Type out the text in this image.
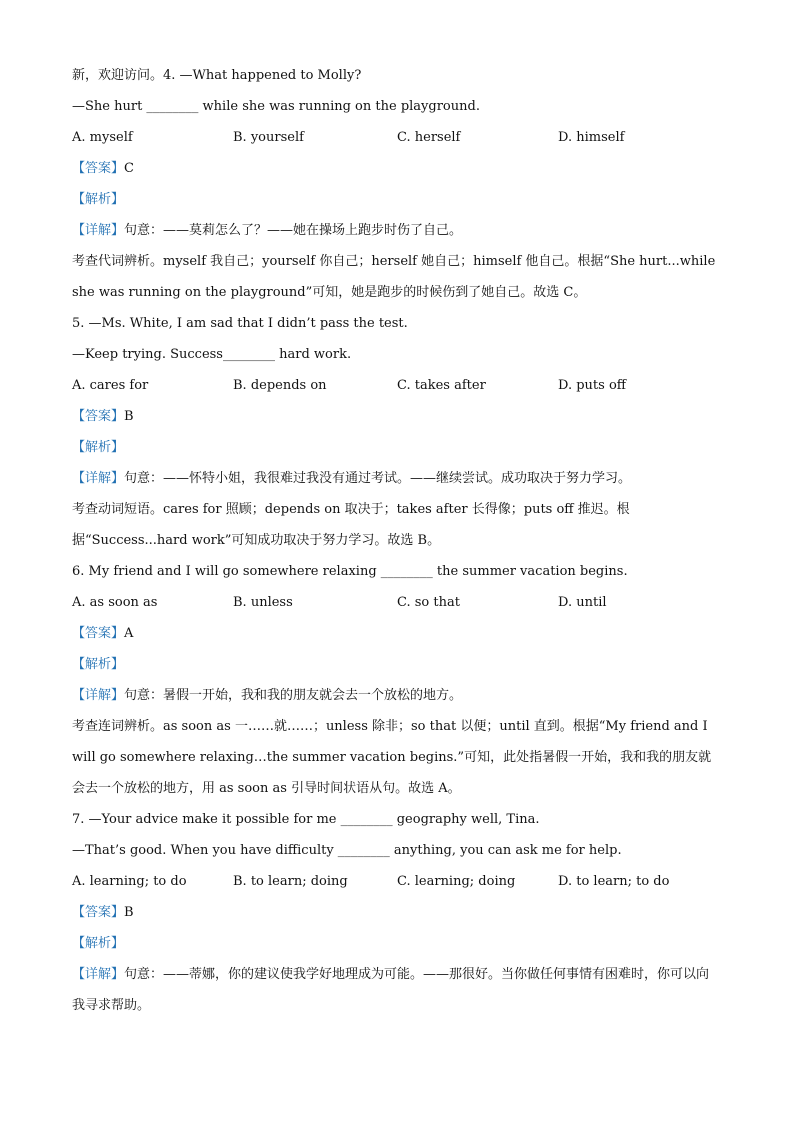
新，欢迎访问。4. —What happened to Molly?
—She hurt ________ while she was running on the playground.
A. myself	B. yourself	C. herself	D. himself
【答案】C
【解析】
【详解】句意：——莫莉怎么了？——她在操场上跑步时伤了自己。
考查代词辨析。myself 我自己；yourself 你自己；herself 她自己；himself 他自己。根据“She hurt...while she was running on the playground”可知，她是跑步的时候伤到了她自己。故选 C。
5. —Ms. White, I am sad that I didn’t pass the test.
—Keep trying. Success________ hard work.
A. cares for	B. depends on	C. takes after	D. puts off
【答案】B
【解析】
【详解】句意：——怀特小姐，我很难过我没有通过考试。——继续尝试。成功取决于努力学习。
考查动词短语。cares for 照顾；depends on 取决于；takes after 长得像；puts off 推迟。根据“Success...hard work”可知成功取决于努力学习。故选 B。
6. My friend and I will go somewhere relaxing ________ the summer vacation begins.
A. as soon as	B. unless	C. so that	D. until
【答案】A
【解析】
【详解】句意：暑假一开始，我和我的朋友就会去一个放松的地方。
考查连词辨析。as soon as 一……就……；unless 除非；so that 以便；until 直到。根据“My friend and I will go somewhere relaxing…the summer vacation begins.”可知，此处指暑假一开始，我和我的朋友就会去一个放松的地方，用 as soon as 引导时间状语从句。故选 A。
7. —Your advice make it possible for me ________ geography well, Tina.
—That’s good. When you have difficulty ________ anything, you can ask me for help.
A. learning; to do	B. to learn; doing	C. learning; doing	D. to learn; to do
【答案】B
【解析】
【详解】句意：——蒂娜，你的建议使我学好地理成为可能。——那很好。当你做任何事情有困难时，你可以向我寻求帮助。
